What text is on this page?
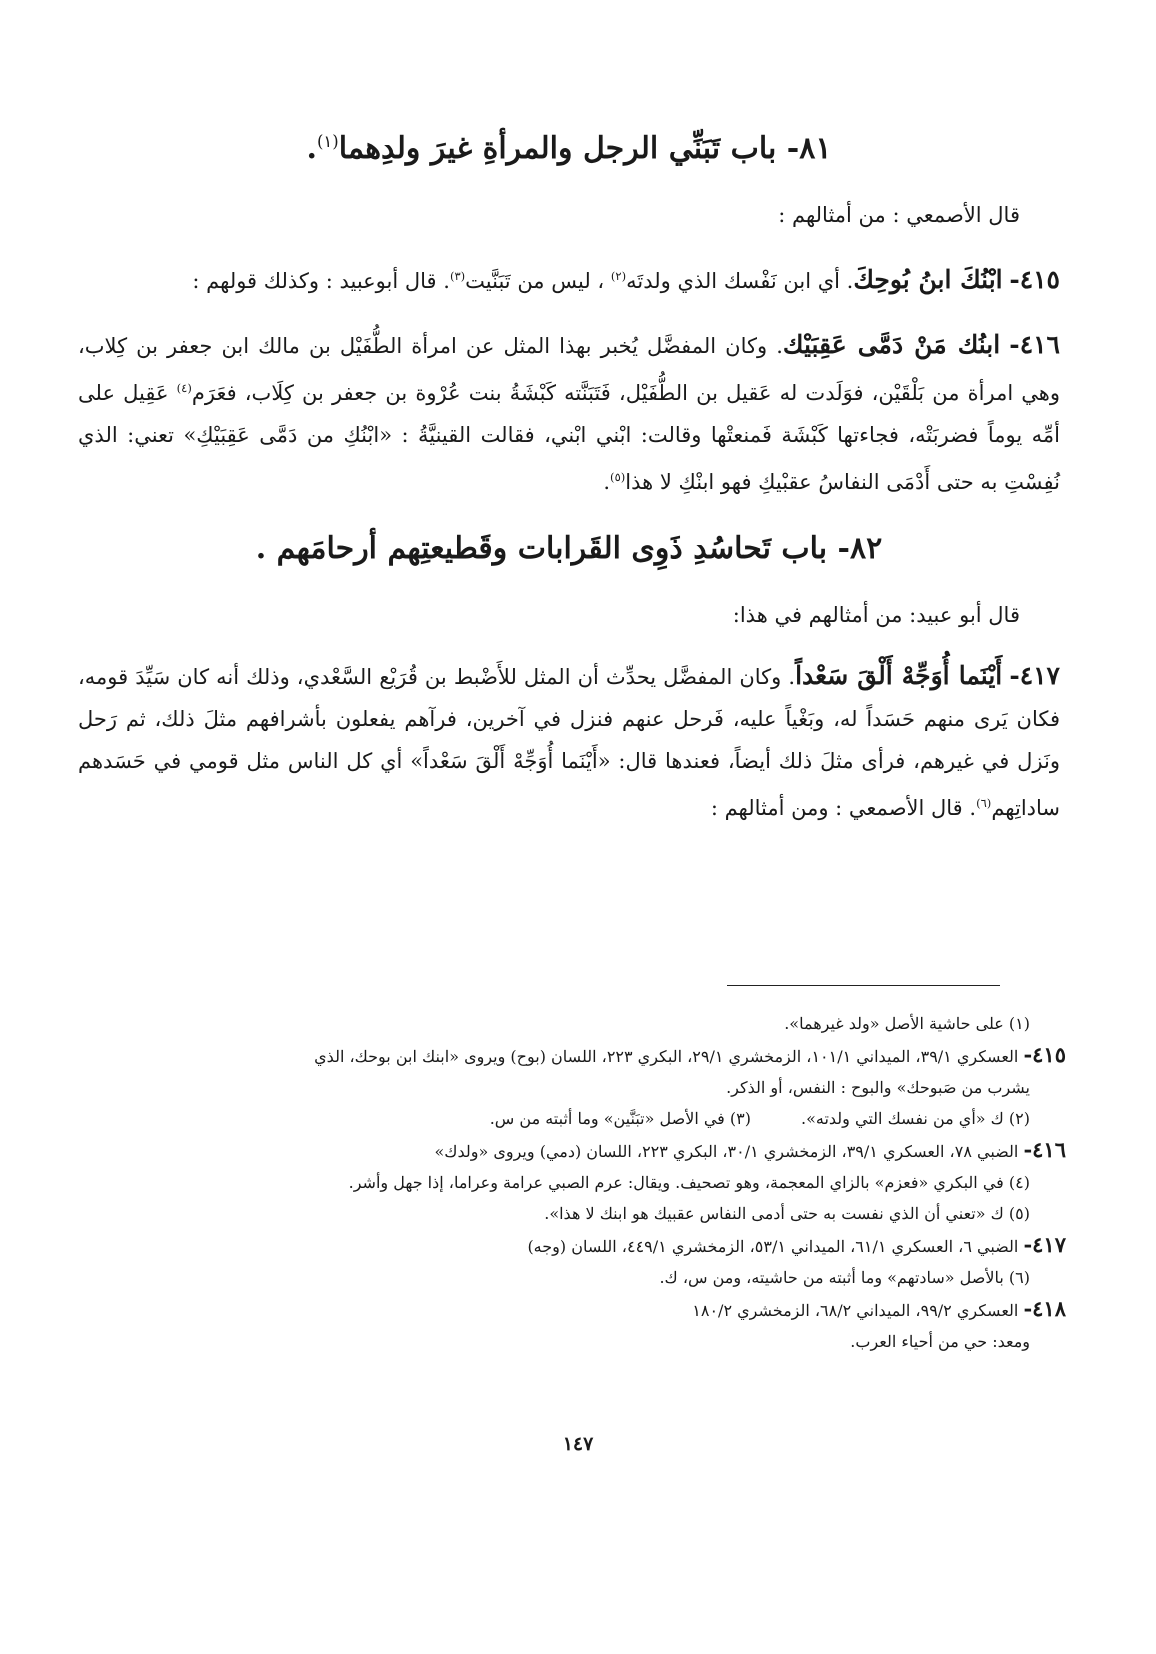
٨١- باب تَبَنِّي الرجل والمرأةِ غيرَ ولدِهما$^{(١)}$.

قال الأصمعي : من أمثالهم :

٤١٥- ابْنُكَ ابنُ بُوحِكَ. أي ابن نَفْسك الذي ولدتَه$^{(٢)}$ ، ليس من تَبَنَّيت$^{(٣)}$. قال أبوعبيد : وكذلك قولهم :

٤١٦- ابنُك مَنْ دَمَّى عَقِبَيْك. وكان المفضَّل يُخبر بهذا المثل عن امرأة الطُّفَيْل بن مالك ابن جعفر بن كِلاب، وهي امرأة من بَلْقَيْن، فوَلَدت له عَقيل بن الطُّفَيْل، فَتَبَنَّته كَبْشَةُ بنت عُرْوة بن جعفر بن كِلَاب، فعَرَم$^{(٤)}$ عَقِيل على أمِّه يوماً فضربَتْه، فجاءتها كَبْشَة فَمنعتْها وقالت: ابْني ابْني، فقالت القينيَّةُ : «ابْنُكِ من دَمَّى عَقِبَيْكِ» تعني: الذي نُفِسْتِ به حتى أَدْمَى النفاسُ عقبْيكِ فهو ابنْكِ لا هذا$^{(٥)}$.

٨٢- باب تَحاسُدِ ذَوِى القَرابات وقَطيعتِهم أرحامَهم .

قال أبو عبيد: من أمثالهم في هذا:

٤١٧- أَيْنَما أُوَجِّهْ أَلْقَ سَعْداً. وكان المفضَّل يحدِّث أن المثل للأَضْبط بن قُرَيْع السَّعْدي، وذلك أنه كان سَيِّدَ قومه، فكان يَرى منهم حَسَداً له، وبَغْياً عليه، فَرحل عنهم فنزل في آخرين، فرآهم يفعلون بأشرافهم مثلَ ذلك، ثم رَحل ونَزل في غيرهم، فرأى مثلَ ذلك أيضاً، فعندها قال: «أَيْنَما أُوَجِّهْ أَلْقَ سَعْداً» أي كل الناس مثل قومي في حَسَدهم ساداتِهم$^{(٦)}$. قال الأصمعي : ومن أمثالهم :

(١) على حاشية الأصل «ولد غيرهما».

٤١٥- العسكري ٣٩/١، الميداني ١٠١/١، الزمخشري ٢٩/١، البكري ٢٢٣، اللسان (بوح) ويروى «ابنك ابن بوحك، الذي

يشرب من صَبوحك» والبوح : النفس، أو الذكر.

(٢) ك «أي من نفسك التي ولدته».(٣) في الأصل «تبَنَّين» وما أثبته من س.

٤١٦- الضبي ٧٨، العسكري ٣٩/١، الزمخشري ٣٠/١، البكري ٢٢٣، اللسان (دمي) ويروى «ولدك»

(٤) في البكري «فعزم» بالزاي المعجمة، وهو تصحيف. ويقال: عرم الصبي عرامة وعراما، إذا جهل وأشر.

(٥) ك «تعني أن الذي نفست به حتى أدمى النفاس عقبيك هو ابنك لا هذا».

٤١٧- الضبي ٦، العسكري ٦١/١، الميداني ٥٣/١، الزمخشري ٤٤٩/١، اللسان (وجه)

(٦) بالأصل «سادتهم» وما أثبته من حاشيته، ومن س، ك.

٤١٨- العسكري ٩٩/٢، الميداني ٦٨/٢، الزمخشري ١٨٠/٢

ومعد: حي من أحياء العرب.

١٤٧
